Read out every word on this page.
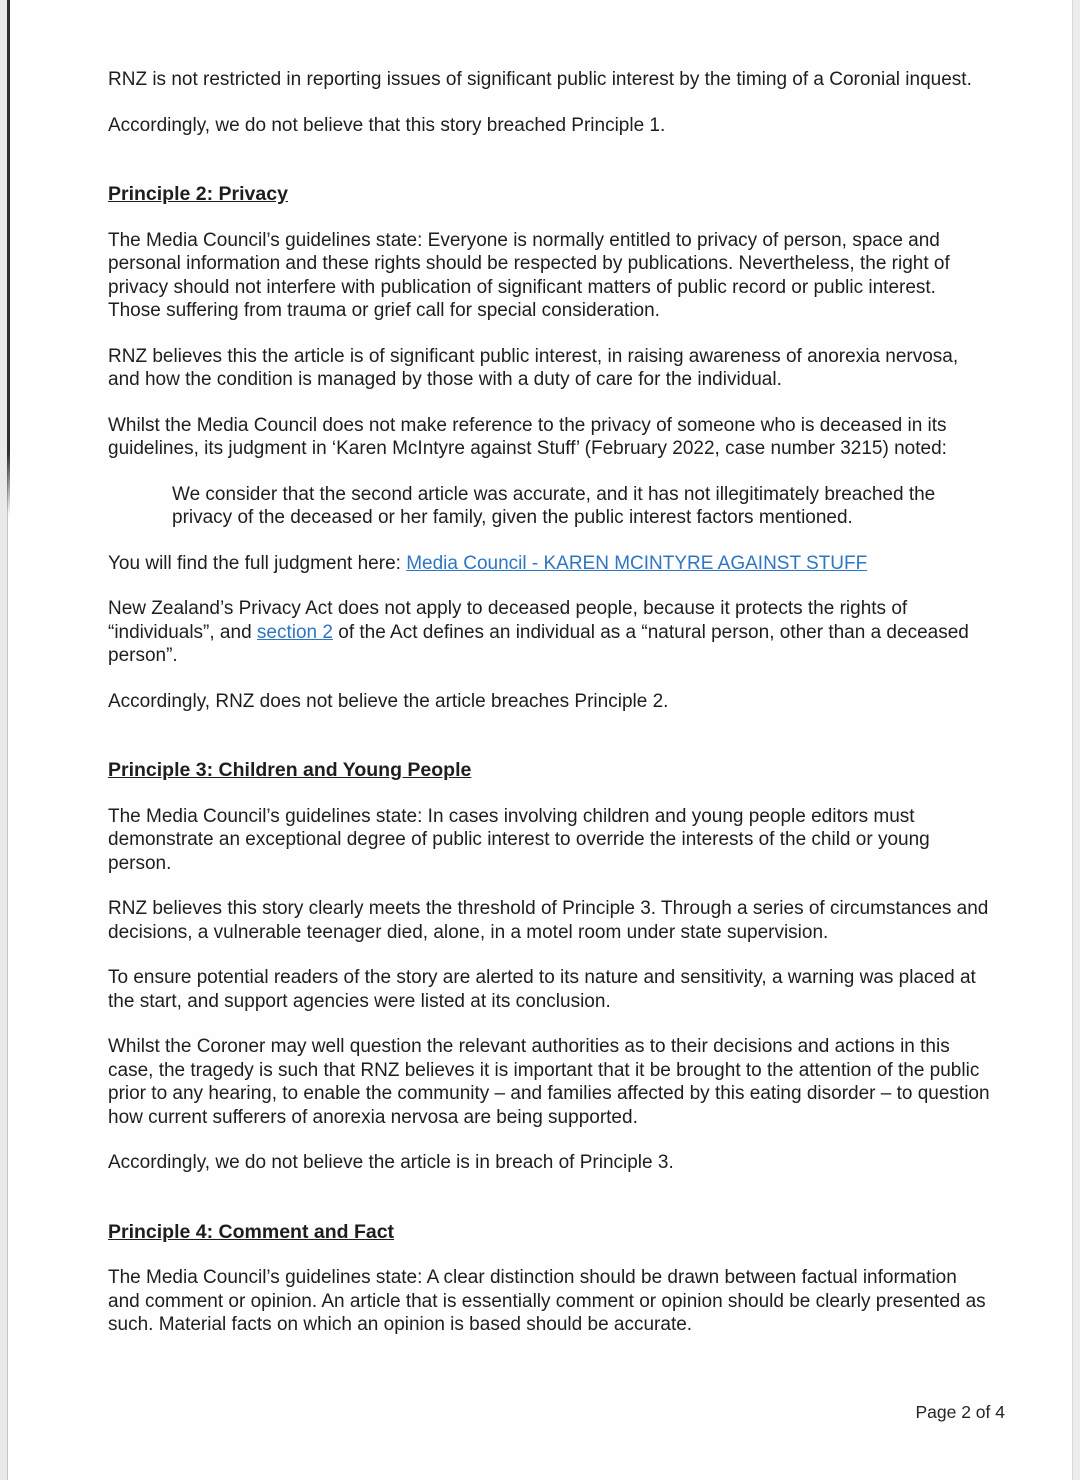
RNZ is not restricted in reporting issues of significant public interest by the timing of a Coronial inquest.

Accordingly, we do not believe that this story breached Principle 1.

Principle 2: Privacy

The Media Council’s guidelines state: Everyone is normally entitled to privacy of person, space and personal information and these rights should be respected by publications. Nevertheless, the right of privacy should not interfere with publication of significant matters of public record or public interest. Those suffering from trauma or grief call for special consideration.

RNZ believes this the article is of significant public interest, in raising awareness of anorexia nervosa, and how the condition is managed by those with a duty of care for the individual.

Whilst the Media Council does not make reference to the privacy of someone who is deceased in its guidelines, its judgment in ‘Karen McIntyre against Stuff’ (February 2022, case number 3215) noted:

We consider that the second article was accurate, and it has not illegitimately breached the privacy of the deceased or her family, given the public interest factors mentioned.

You will find the full judgment here: Media Council - KAREN MCINTYRE AGAINST STUFF

New Zealand’s Privacy Act does not apply to deceased people, because it protects the rights of “individuals”, and section 2 of the Act defines an individual as a “natural person, other than a deceased person”.

Accordingly, RNZ does not believe the article breaches Principle 2.

Principle 3: Children and Young People

The Media Council’s guidelines state: In cases involving children and young people editors must demonstrate an exceptional degree of public interest to override the interests of the child or young person.

RNZ believes this story clearly meets the threshold of Principle 3. Through a series of circumstances and decisions, a vulnerable teenager died, alone, in a motel room under state supervision.

To ensure potential readers of the story are alerted to its nature and sensitivity, a warning was placed at the start, and support agencies were listed at its conclusion.

Whilst the Coroner may well question the relevant authorities as to their decisions and actions in this case, the tragedy is such that RNZ believes it is important that it be brought to the attention of the public prior to any hearing, to enable the community – and families affected by this eating disorder – to question how current sufferers of anorexia nervosa are being supported.

Accordingly, we do not believe the article is in breach of Principle 3.

Principle 4: Comment and Fact

The Media Council’s guidelines state: A clear distinction should be drawn between factual information and comment or opinion. An article that is essentially comment or opinion should be clearly presented as such. Material facts on which an opinion is based should be accurate.

Page 2 of 4
